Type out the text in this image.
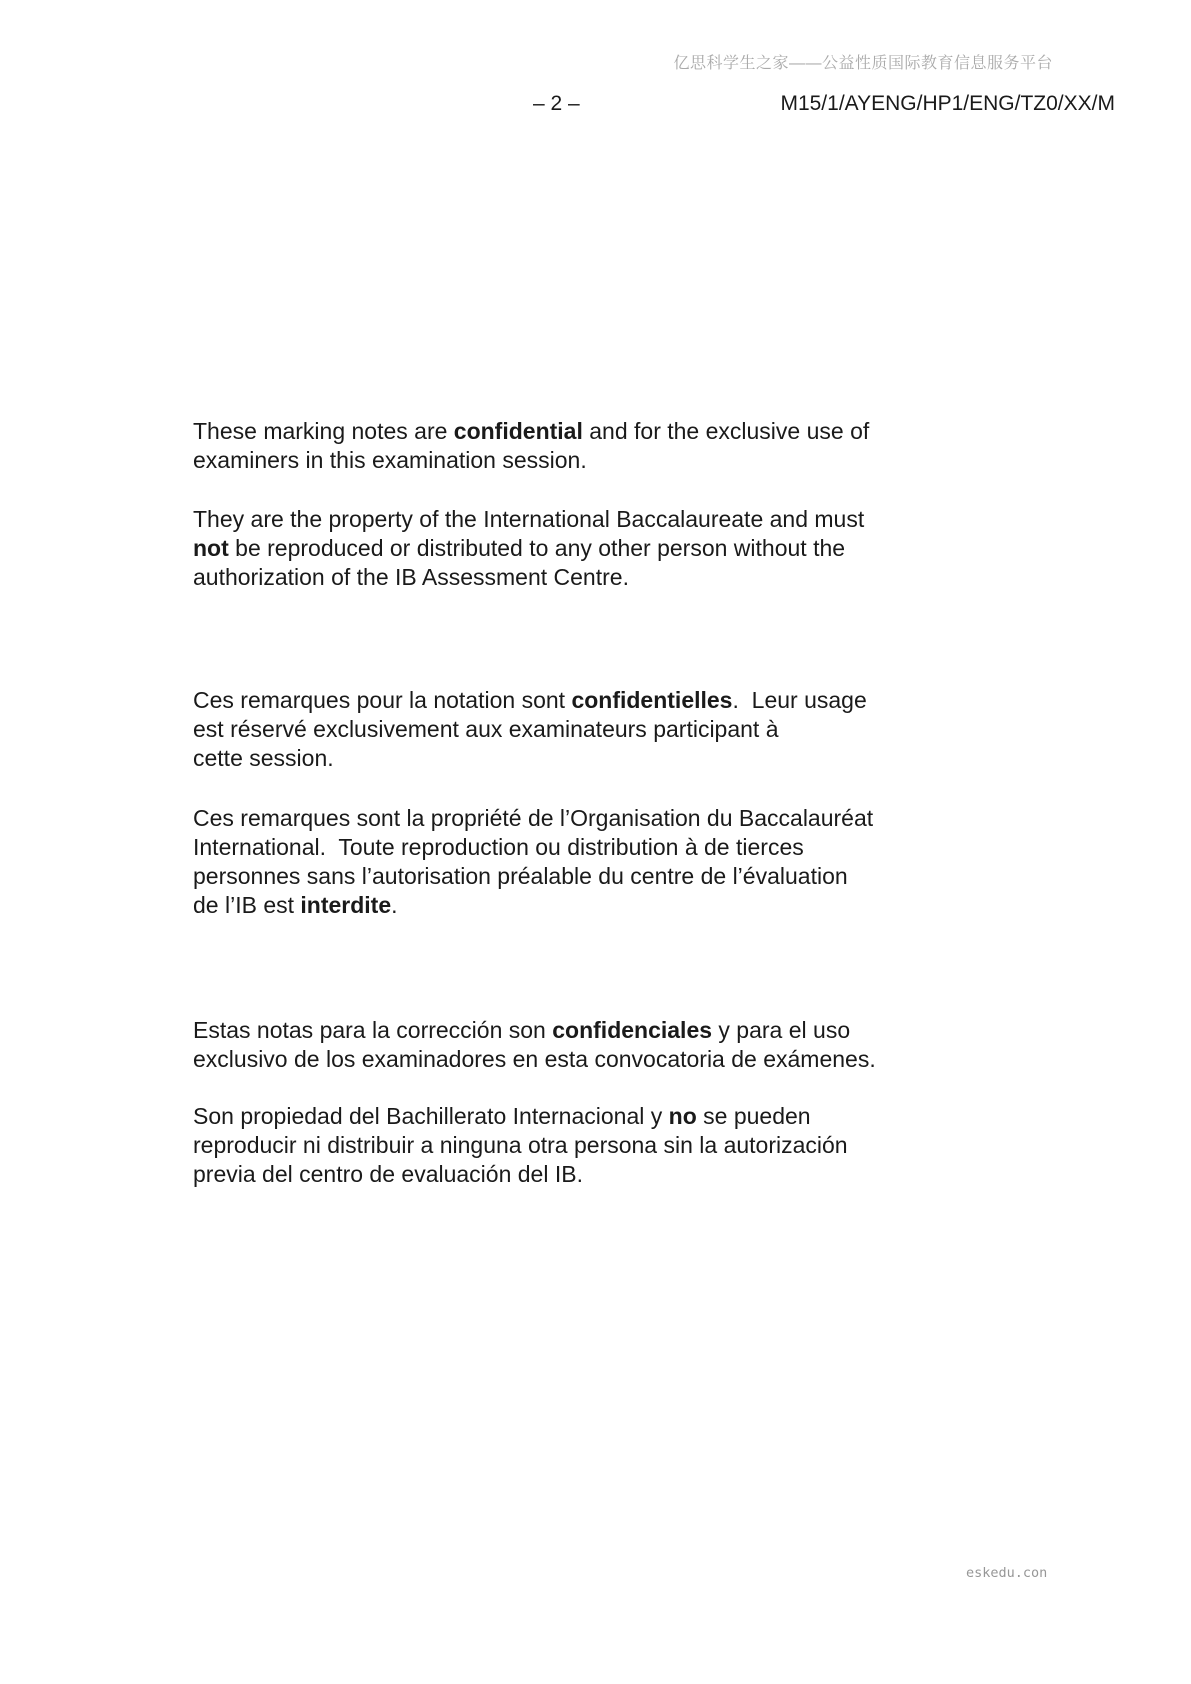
亿思科学生之家——公益性质国际教育信息服务平台
– 2 –	M15/1/AYENG/HP1/ENG/TZ0/XX/M
These marking notes are confidential and for the exclusive use of
examiners in this examination session.
They are the property of the International Baccalaureate and must
not be reproduced or distributed to any other person without the
authorization of the IB Assessment Centre.
Ces remarques pour la notation sont confidentielles.  Leur usage
est réservé exclusivement aux examinateurs participant à
cette session.
Ces remarques sont la propriété de l’Organisation du Baccalauréat
International.  Toute reproduction ou distribution à de tierces
personnes sans l’autorisation préalable du centre de l’évaluation
de l’IB est interdite.
Estas notas para la corrección son confidenciales y para el uso
exclusivo de los examinadores en esta convocatoria de exámenes.
Son propiedad del Bachillerato Internacional y no se pueden
reproducir ni distribuir a ninguna otra persona sin la autorización
previa del centro de evaluación del IB.
eskedu.con
